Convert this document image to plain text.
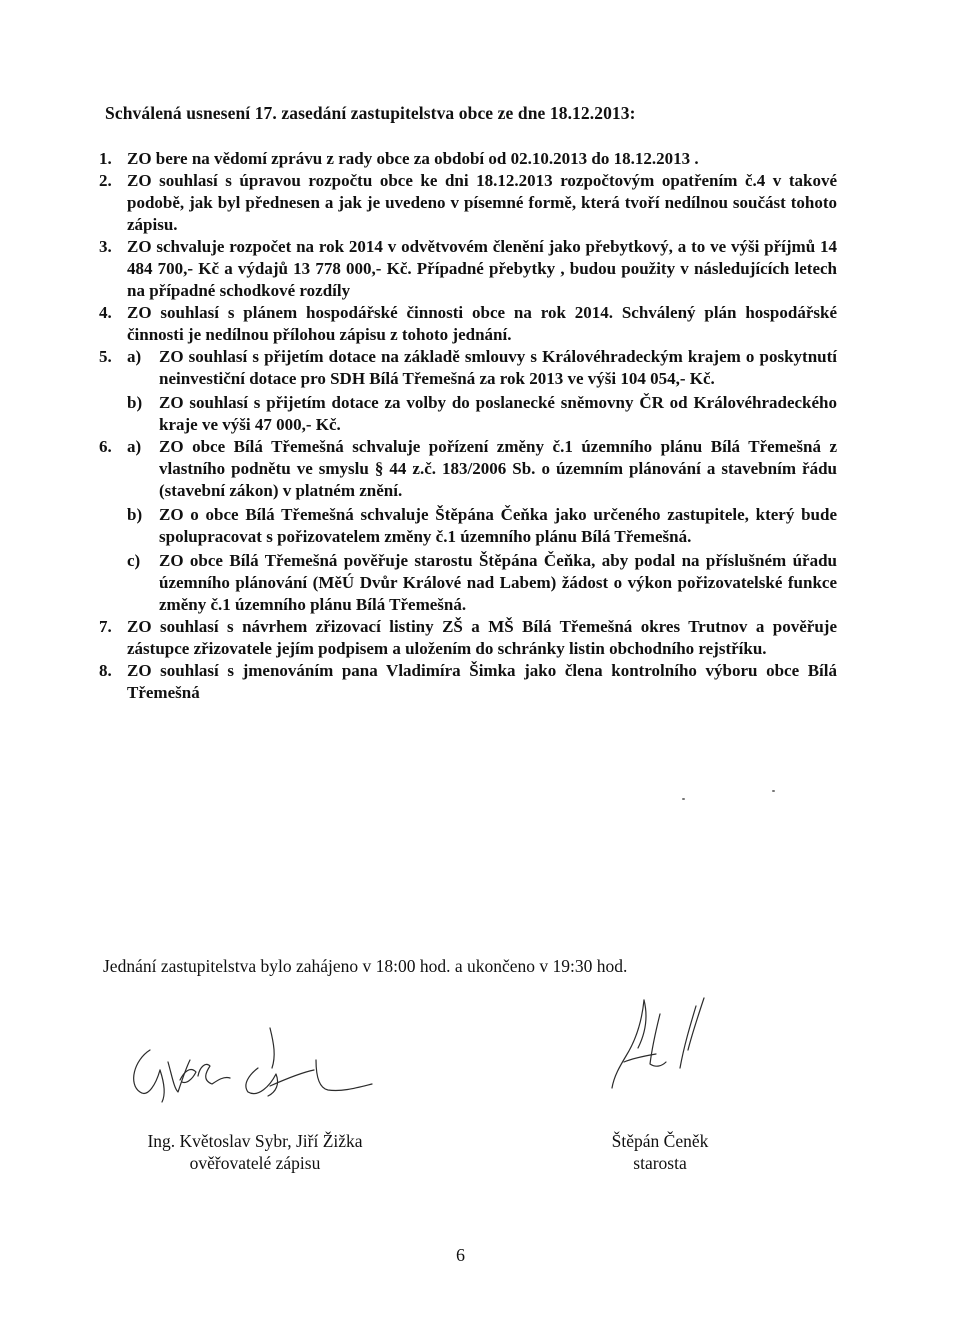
Schválená usnesení 17. zasedání zastupitelstva obce ze dne 18.12.2013:
1. ZO bere na vědomí zprávu z rady obce za období od 02.10.2013 do 18.12.2013 .
2. ZO souhlasí s úpravou rozpočtu obce ke dni 18.12.2013 rozpočtovým opatřením č.4 v takové podobě, jak byl přednesen a jak je uvedeno v písemné formě, která tvoří nedílnou součást tohoto zápisu.
3. ZO schvaluje rozpočet na rok 2014 v odvětvovém členění jako přebytkový, a to ve výši příjmů 14 484 700,- Kč a výdajů 13 778 000,- Kč. Případné přebytky , budou použity v následujících letech na případné schodkové rozdíly
4. ZO souhlasí s plánem hospodářské činnosti obce na rok 2014. Schválený plán hospodářské činnosti je nedílnou přílohou zápisu z tohoto jednání.
5. a)	ZO souhlasí s přijetím dotace na základě smlouvy s Královéhradeckým krajem o poskytnutí neinvestiční dotace pro SDH Bílá Třemešná za rok 2013 ve výši 104 054,- Kč.
b) ZO souhlasí s přijetím dotace za volby do poslanecké sněmovny ČR od Královéhradeckého kraje ve výši 47 000,- Kč.
6. a)	ZO obce Bílá Třemešná schvaluje pořízení změny č.1 územního plánu Bílá Třemešná z vlastního podnětu ve smyslu § 44 z.č. 183/2006 Sb. o územním plánování a stavebním řádu (stavební zákon) v platném znění.
b) ZO o obce Bílá Třemešná schvaluje Štěpána Čeňka jako určeného zastupitele, který bude spolupracovat s pořizovatelem změny č.1 územního plánu Bílá Třemešná.
c)	ZO obce Bílá Třemešná pověřuje starostu Štěpána Čeňka, aby podal na příslušném úřadu územního plánování (MěÚ Dvůr Králové nad Labem) žádost o výkon pořizovatelské funkce změny č.1 územního plánu Bílá Třemešná.
7. ZO souhlasí s návrhem zřizovací listiny ZŠ a MŠ Bílá Třemešná okres Trutnov a pověřuje zástupce zřizovatele jejím podpisem a uložením do schránky listin obchodního rejstříku.
8. ZO souhlasí s jmenováním pana Vladimíra Šimka jako člena kontrolního výboru obce Bílá Třemešná
Jednání zastupitelstva bylo zahájeno v 18:00 hod. a ukončeno v 19:30 hod.
Ing. Květoslav Sybr, Jiří Žižka
ověřovatelé zápisu
Štěpán Čeněk
starosta
6
